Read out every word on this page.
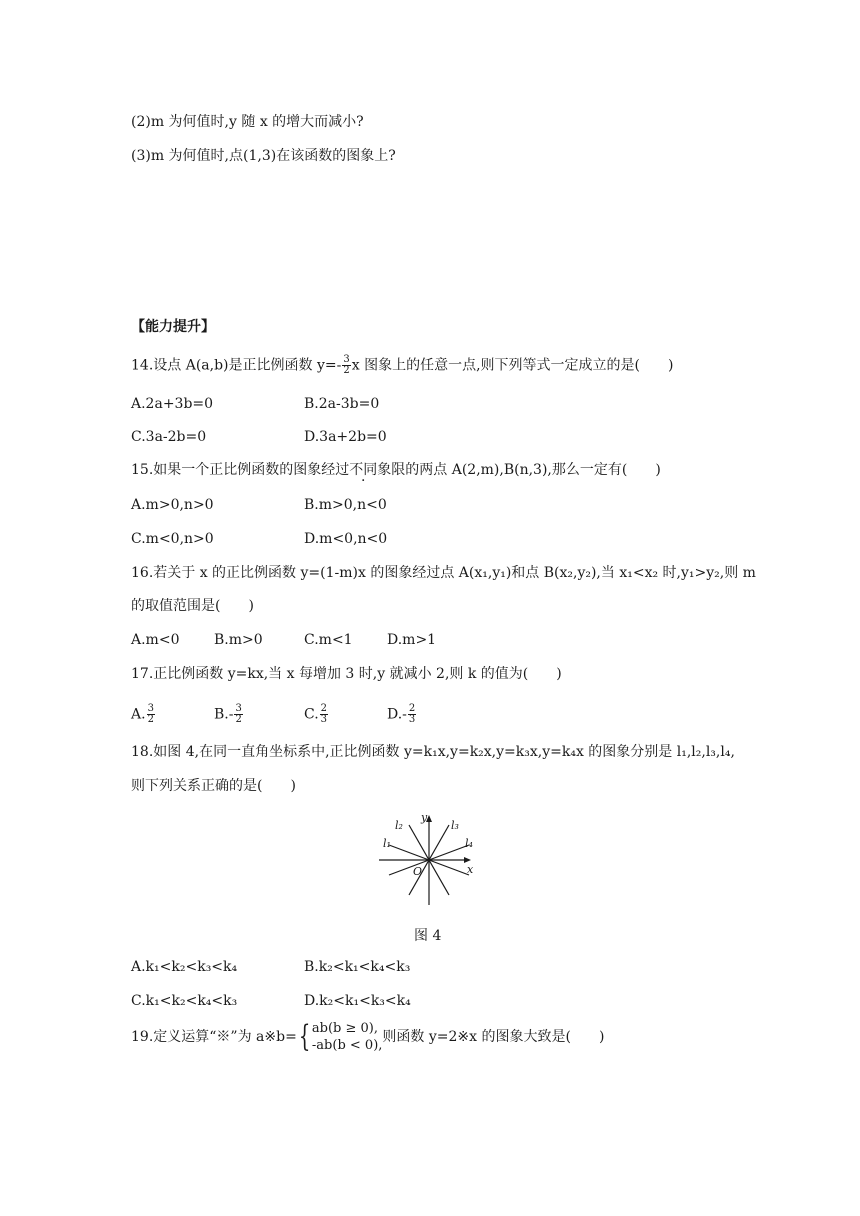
(2)m 为何值时,y 随 x 的增大而减小?
(3)m 为何值时,点(1,3)在该函数的图象上?
【能力提升】
14.设点 A(a,b)是正比例函数 $y=- \frac{3}{2}$ x 图象上的任意一点,则下列等式一定成立的是(　　)
A.2a+3b=0	B.2a-3b=0
C.3a-2b=0	D.3a+2b=0
15.如果一个正比例函数的图象经过不同象限的两点 A(2,m),B(n,3),那么一定有(　　)
A.m>0,n>0	B.m>0,n<0
C.m<0,n>0	D.m<0,n<0
16.若关于 x 的正比例函数 y=(1-m)x 的图象经过点 A(x₁,y₁)和点 B(x₂,y₂),当 x₁<x₂ 时,y₁>y₂,则 m
的取值范围是(　　)
A.m<0 B.m>0	C.m<1 D.m>1
17.正比例函数 y=kx,当 x 每增加 3 时,y 就减小 2,则 k 的值为(　　)
A. $\frac{3}{2}$	$B.- \frac{3}{2}$	C. $\frac{2}{3}$	$D.- \frac{2}{3}$
18.如图 4,在同一直角坐标系中,正比例函数 y=k₁x,y=k₂x,y=k₃x,y=k₄x 的图象分别是 l₁,l₂,l₃,l₄,
则下列关系正确的是(　　)
y
x
O
l₁
l₂	l₃
l₄
图 4
A.k₁<k₂<k₃<k₄	B.k₂<k₁<k₄<k₃
C.k₁<k₂<k₄<k₃	D.k₂<k₁<k₃<k₄
19.定义运算“※”为 a※b={ ab(b ≥ 0),
-ab(b < 0),
则函数 y=2※x 的图象大致是(　　)
